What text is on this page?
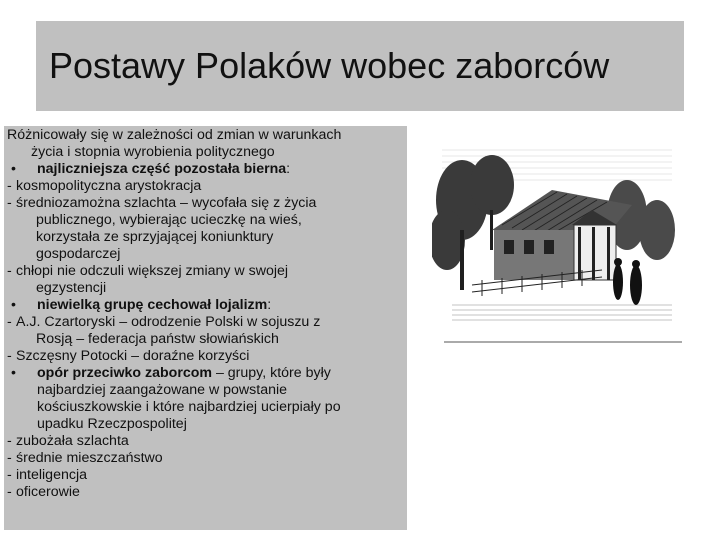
Postawy Polaków wobec zaborców
Różnicowały się w zależności od zmian w warunkach
życia i stopnia wyrobienia politycznego
•	najliczniejsza część pozostała bierna:
- kosmopolityczna arystokracja
- średniozamożna szlachta – wycofała się z życia
publicznego, wybierając ucieczkę na wieś,
korzystała ze sprzyjającej koniunktury
gospodarczej
- chłopi nie odczuli większej zmiany w swojej
egzystencji
•	niewielką grupę cechował lojalizm:
- A.J. Czartoryski – odrodzenie Polski w sojuszu z
Rosją – federacja państw słowiańskich
- Szczęsny Potocki – doraźne korzyści
•	opór przeciwko zaborcom – grupy, które były
najbardziej zaangażowane w powstanie
kościuszkowskie i które najbardziej ucierpiały po
upadku Rzeczpospolitej
- zubożała szlachta
- średnie mieszczaństwo
- inteligencja
- oficerowie
